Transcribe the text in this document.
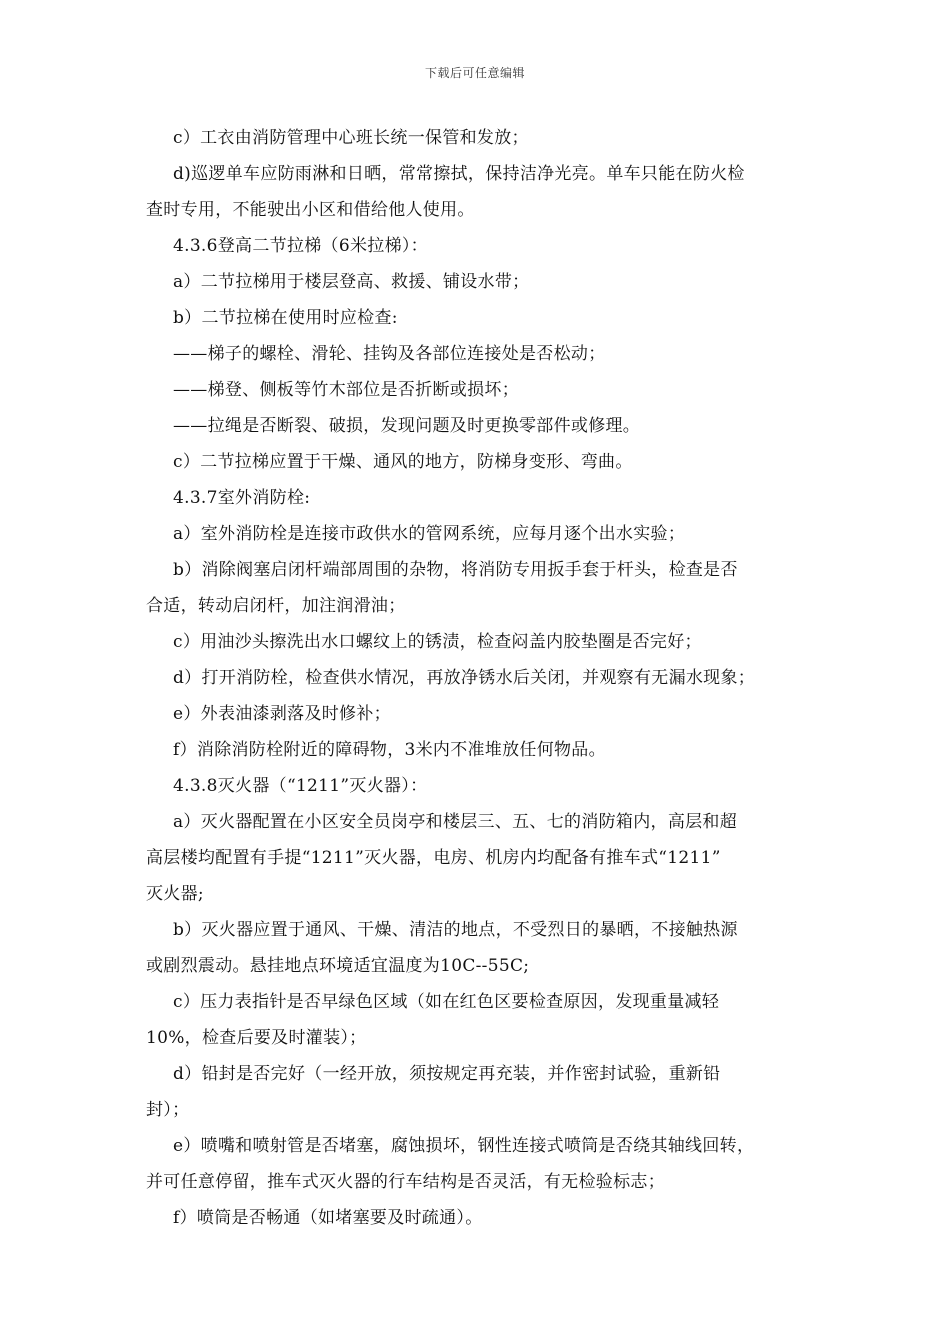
下载后可任意编辑
c）工衣由消防管理中心班长统一保管和发放；
d)巡逻单车应防雨淋和日晒，常常擦拭，保持洁净光亮。单车只能在防火检
查时专用，不能驶出小区和借给他人使用。
4.3.6登高二节拉梯（6米拉梯）：
a）二节拉梯用于楼层登高、救援、铺设水带；
b）二节拉梯在使用时应检查:
——梯子的螺栓、滑轮、挂钩及各部位连接处是否松动；
——梯登、侧板等竹木部位是否折断或损坏；
——拉绳是否断裂、破损，发现问题及时更换零部件或修理。
c）二节拉梯应置于干燥、通风的地方，防梯身变形、弯曲。
4.3.7室外消防栓:
a）室外消防栓是连接市政供水的管网系统，应每月逐个出水实验；
b）消除阀塞启闭杆端部周围的杂物，将消防专用扳手套于杆头，检查是否
合适，转动启闭杆，加注润滑油；
c）用油沙头擦洗出水口螺纹上的锈渍，检查闷盖内胶垫圈是否完好；
d）打开消防栓，检查供水情况，再放净锈水后关闭，并观察有无漏水现象；
e）外表油漆剥落及时修补；
f）消除消防栓附近的障碍物，3米内不准堆放任何物品。
4.3.8灭火器（“1211”灭火器）：
a）灭火器配置在小区安全员岗亭和楼层三、五、七的消防箱内，高层和超
高层楼均配置有手提“1211”灭火器，电房、机房内均配备有推车式“1211”
灭火器;
b）灭火器应置于通风、干燥、清洁的地点，不受烈日的暴晒，不接触热源
或剧烈震动。悬挂地点环境适宜温度为10C--55C;
c）压力表指针是否早绿色区域（如在红色区要检查原因，发现重量减轻
10%，检查后要及时灌装）；
d）铅封是否完好（一经开放，须按规定再充装，并作密封试验，重新铅
封）；
e）喷嘴和喷射管是否堵塞，腐蚀损坏，钢性连接式喷筒是否绕其轴线回转，
并可任意停留，推车式灭火器的行车结构是否灵活，有无检验标志；
f）喷筒是否畅通（如堵塞要及时疏通）。
